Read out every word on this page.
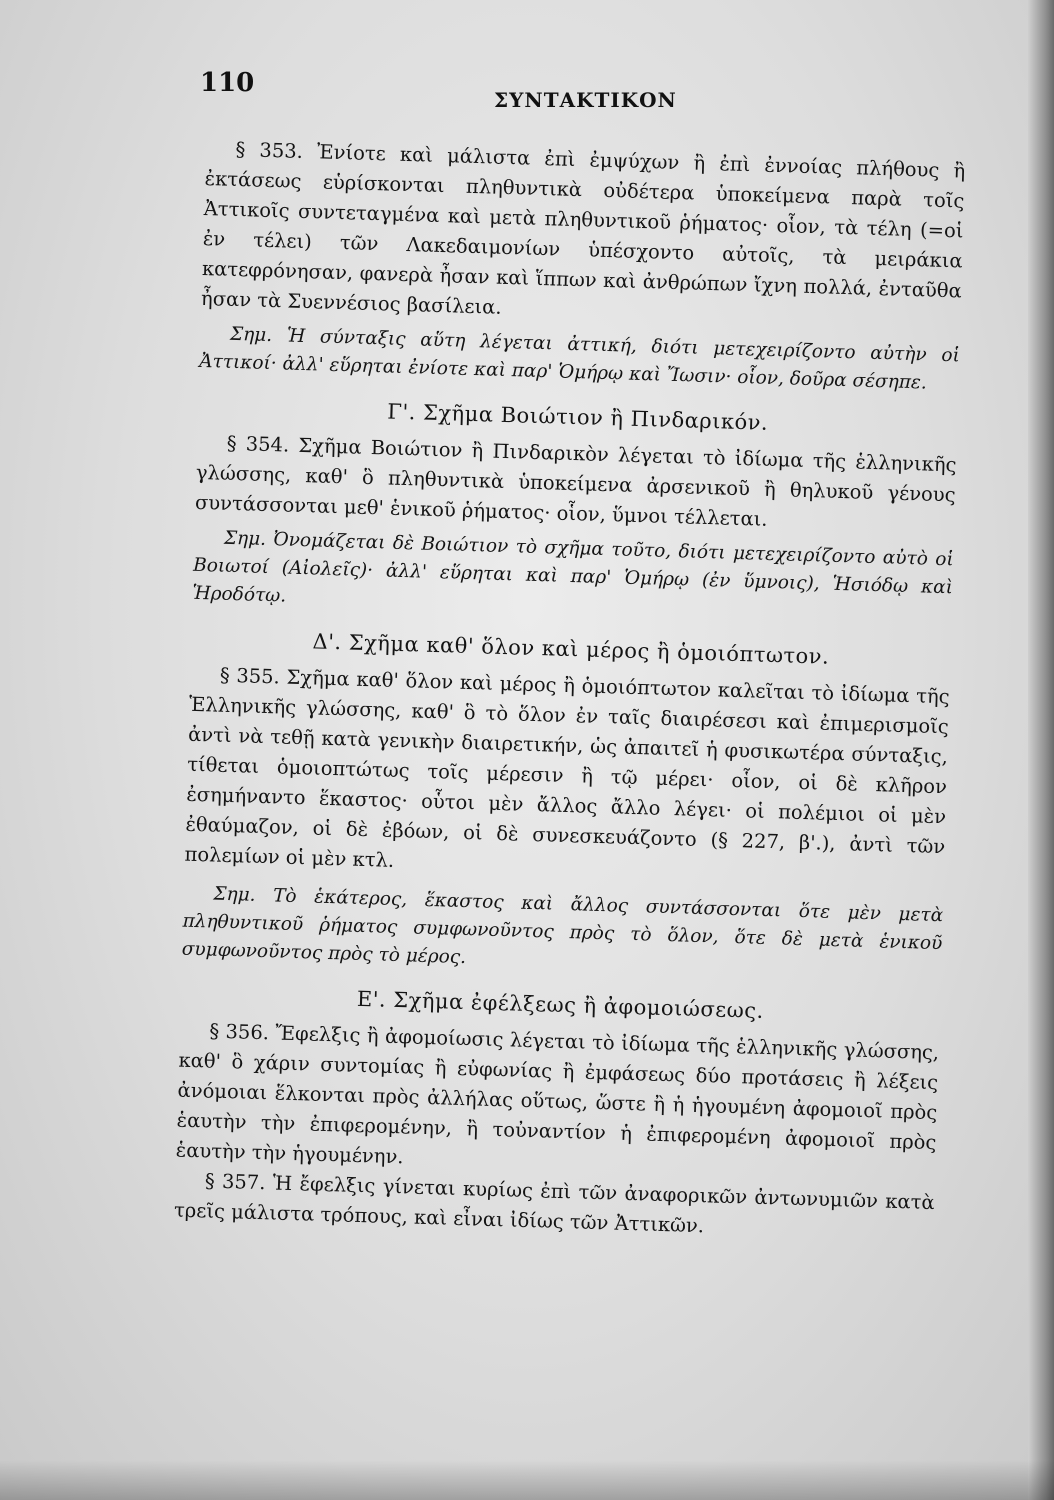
110
ΣΥΝΤΑΚΤΙΚΟΝ

§ 353. Ἐνίοτε καὶ μάλιστα ἐπὶ ἐμψύχων ἢ ἐπὶ ἐννοίας πλήθους ἢ ἐκτάσεως εὑρίσκονται πληθυντικὰ οὐδέτερα ὑποκείμενα παρὰ τοῖς Ἀττικοῖς συντεταγμένα καὶ μετὰ πληθυντικοῦ ῥήματος· οἷον, τὰ τέλη (=οἱ ἐν τέλει) τῶν Λακεδαιμονίων ὑπέσχοντο αὐτοῖς, τὰ μειράκια κατεφρόνησαν, φανερὰ ἦσαν καὶ ἵππων καὶ ἀνθρώπων ἴχνη πολλά, ἐνταῦθα ἦσαν τὰ Συεννέσιος βασίλεια.

Σημ. Ἡ σύνταξις αὕτη λέγεται ἀττική, διότι μετεχειρίζοντο αὐτὴν οἱ Ἀττικοί· ἀλλ' εὕρηται ἐνίοτε καὶ παρ' Ὁμήρῳ καὶ Ἴωσιν· οἷον, δοῦρα σέσηπε.

Γ'. Σχῆμα Βοιώτιον ἢ Πινδαρικόν.

§ 354. Σχῆμα Βοιώτιον ἢ Πινδαρικὸν λέγεται τὸ ἰδίωμα τῆς ἑλληνικῆς γλώσσης, καθ' ὃ πληθυντικὰ ὑποκείμενα ἀρσενικοῦ ἢ θηλυκοῦ γένους συντάσσονται μεθ' ἑνικοῦ ῥήματος· οἷον, ὕμνοι τέλλεται.

Σημ. Ὀνομάζεται δὲ Βοιώτιον τὸ σχῆμα τοῦτο, διότι μετεχειρίζοντο αὐτὸ οἱ Βοιωτοί (Αἰολεῖς)· ἀλλ' εὕρηται καὶ παρ' Ὁμήρῳ (ἐν ὕμνοις), Ἡσιόδῳ καὶ Ἡροδότῳ.

Δ'. Σχῆμα καθ' ὅλον καὶ μέρος ἢ ὁμοιόπτωτον.

§ 355. Σχῆμα καθ' ὅλον καὶ μέρος ἢ ὁμοιόπτωτον καλεῖται τὸ ἰδίωμα τῆς Ἑλληνικῆς γλώσσης, καθ' ὃ τὸ ὅλον ἐν ταῖς διαιρέσεσι καὶ ἐπιμερισμοῖς ἀντὶ νὰ τεθῇ κατὰ γενικὴν διαιρετικήν, ὡς ἀπαιτεῖ ἡ φυσικωτέρα σύνταξις, τίθεται ὁμοιοπτώτως τοῖς μέρεσιν ἢ τῷ μέρει· οἷον, οἱ δὲ κλῆρον ἐσημήναντο ἕκαστος· οὗτοι μὲν ἄλλος ἄλλο λέγει· οἱ πολέμιοι οἱ μὲν ἐθαύμαζον, οἱ δὲ ἐβόων, οἱ δὲ συνεσκευάζοντο (§ 227, β'.), ἀντὶ τῶν πολεμίων οἱ μὲν κτλ.

Σημ. Τὸ ἑκάτερος, ἕκαστος καὶ ἄλλος συντάσσονται ὅτε μὲν μετὰ πληθυντικοῦ ῥήματος συμφωνοῦντος πρὸς τὸ ὅλον, ὅτε δὲ μετὰ ἑνικοῦ συμφωνοῦντος πρὸς τὸ μέρος.

Ε'. Σχῆμα ἐφέλξεως ἢ ἀφομοιώσεως.

§ 356. Ἔφελξις ἢ ἀφομοίωσις λέγεται τὸ ἰδίωμα τῆς ἑλληνικῆς γλώσσης, καθ' ὃ χάριν συντομίας ἢ εὐφωνίας ἢ ἐμφάσεως δύο προτάσεις ἢ λέξεις ἀνόμοιαι ἕλκονται πρὸς ἀλλήλας οὕτως, ὥστε ἢ ἡ ἡγουμένη ἀφομοιοῖ πρὸς ἑαυτὴν τὴν ἐπιφερομένην, ἢ τοὐναντίον ἡ ἐπιφερομένη ἀφομοιοῖ πρὸς ἑαυτὴν τὴν ἡγουμένην.

§ 357. Ἡ ἔφελξις γίνεται κυρίως ἐπὶ τῶν ἀναφορικῶν ἀντωνυμιῶν κατὰ τρεῖς μάλιστα τρόπους, καὶ εἶναι ἰδίως τῶν Ἀττικῶν.
